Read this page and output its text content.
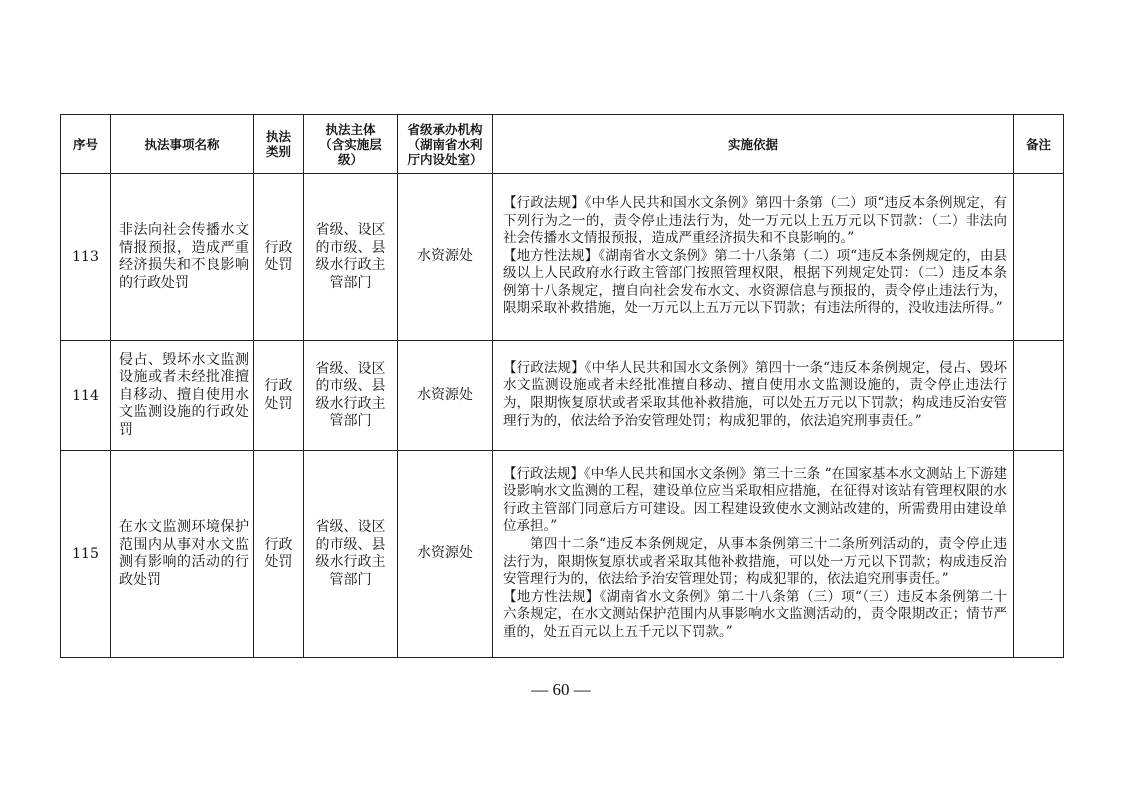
序号	执法事项名称	执法类别	执法主体（含实施层级）	省级承办机构（湖南省水利厅内设处室）	实施依据	备注
113	非法向社会传播水文情报预报，造成严重经济损失和不良影响的行政处罚	行政处罚	省级、设区的市级、县级水行政主管部门	水资源处	【行政法规】《中华人民共和国水文条例》第四十条第（二）项“违反本条例规定，有下列行为之一的，责令停止违法行为，处一万元以上五万元以下罚款：（二）非法向社会传播水文情报预报，造成严重经济损失和不良影响的。”

【地方性法规】《湖南省水文条例》第二十八条第（二）项“违反本条例规定的，由县级以上人民政府水行政主管部门按照管理权限，根据下列规定处罚：（二）违反本条例第十八条规定，擅自向社会发布水文、水资源信息与预报的，责令停止违法行为，限期采取补救措施，处一万元以上五万元以下罚款；有违法所得的，没收违法所得。”	

114	侵占、毁坏水文监测设施或者未经批准擅自移动、擅自使用水文监测设施的行政处罚	行政处罚	省级、设区的市级、县级水行政主管部门	水资源处	【行政法规】《中华人民共和国水文条例》第四十一条“违反本条例规定，侵占、毁坏水文监测设施或者未经批准擅自移动、擅自使用水文监测设施的，责令停止违法行为，限期恢复原状或者采取其他补救措施，可以处五万元以下罚款；构成违反治安管理行为的，依法给予治安管理处罚；构成犯罪的，依法追究刑事责任。”	

115	在水文监测环境保护范围内从事对水文监测有影响的活动的行政处罚	行政处罚	省级、设区的市级、县级水行政主管部门	水资源处	【行政法规】《中华人民共和国水文条例》第三十三条 “在国家基本水文测站上下游建设影响水文监测的工程，建设单位应当采取相应措施，在征得对该站有管理权限的水行政主管部门同意后方可建设。因工程建设致使水文测站改建的，所需费用由建设单位承担。”

第四十二条“违反本条例规定，从事本条例第三十二条所列活动的，责令停止违法行为，限期恢复原状或者采取其他补救措施，可以处一万元以下罚款；构成违反治安管理行为的，依法给予治安管理处罚；构成犯罪的，依法追究刑事责任。”

【地方性法规】《湖南省水文条例》第二十八条第（三）项“（三）违反本条例第二十六条规定，在水文测站保护范围内从事影响水文监测活动的，责令限期改正；情节严重的，处五百元以上五千元以下罚款。”	

— 60 —
